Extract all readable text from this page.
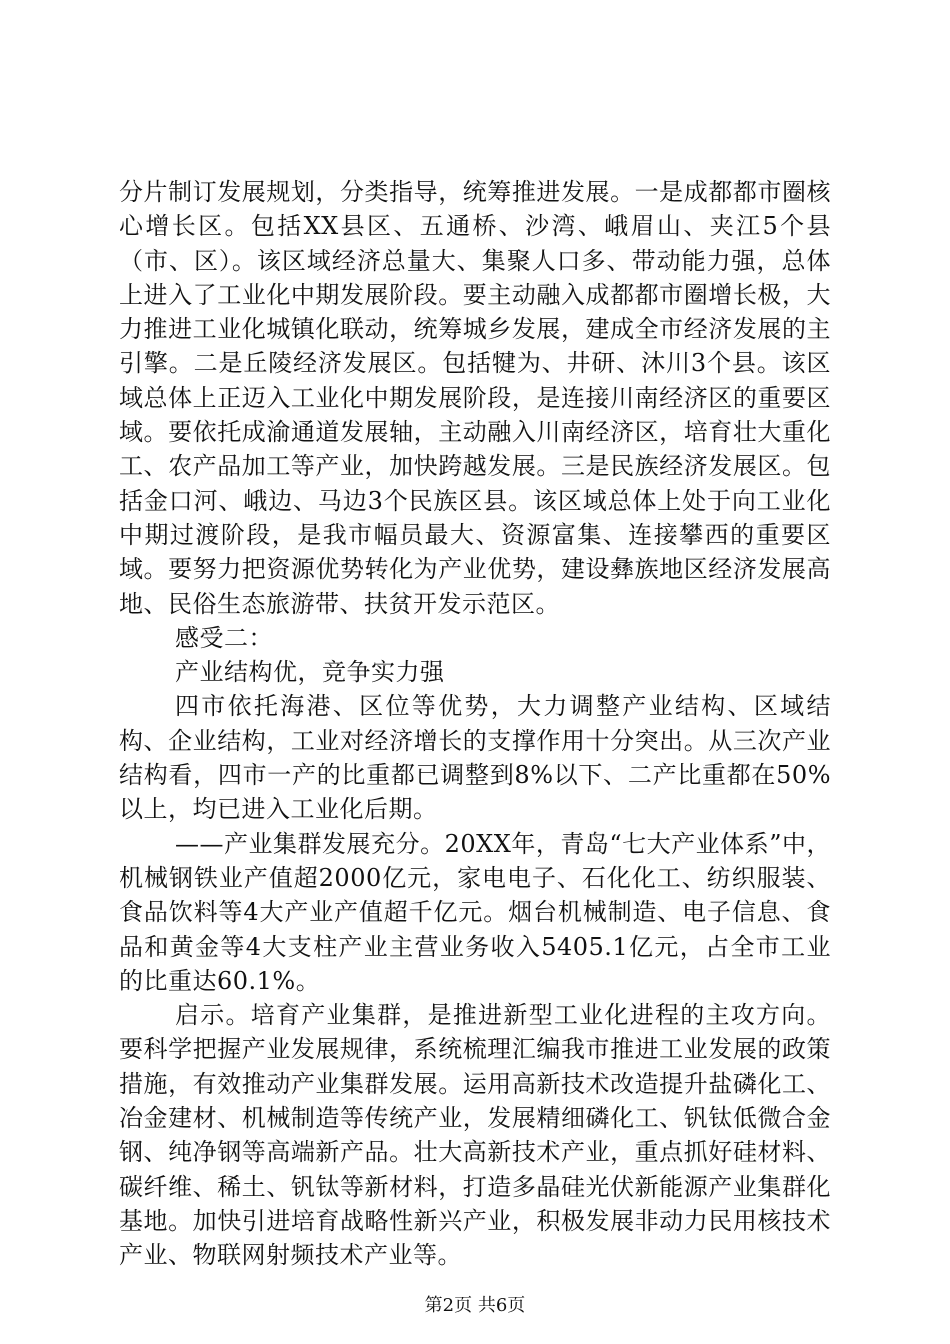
分片制订发展规划，分类指导，统筹推进发展。一是成都都市圈核心增长区。包括XX县区、五通桥、沙湾、峨眉山、夹江5个县（市、区）。该区域经济总量大、集聚人口多、带动能力强，总体上进入了工业化中期发展阶段。要主动融入成都都市圈增长极，大力推进工业化城镇化联动，统筹城乡发展，建成全市经济发展的主引擎。二是丘陵经济发展区。包括犍为、井研、沐川3个县。该区域总体上正迈入工业化中期发展阶段，是连接川南经济区的重要区域。要依托成渝通道发展轴，主动融入川南经济区，培育壮大重化工、农产品加工等产业，加快跨越发展。三是民族经济发展区。包括金口河、峨边、马边3个民族区县。该区域总体上处于向工业化中期过渡阶段，是我市幅员最大、资源富集、连接攀西的重要区域。要努力把资源优势转化为产业优势，建设彝族地区经济发展高地、民俗生态旅游带、扶贫开发示范区。

感受二：

产业结构优，竞争实力强

四市依托海港、区位等优势，大力调整产业结构、区域结构、企业结构，工业对经济增长的支撑作用十分突出。从三次产业结构看，四市一产的比重都已调整到8%以下、二产比重都在50%以上，均已进入工业化后期。

——产业集群发展充分。20XX年，青岛“七大产业体系”中，机械钢铁业产值超2000亿元，家电电子、石化化工、纺织服装、食品饮料等4大产业产值超千亿元。烟台机械制造、电子信息、食品和黄金等4大支柱产业主营业务收入5405.1亿元，占全市工业的比重达60.1%。

启示。培育产业集群，是推进新型工业化进程的主攻方向。要科学把握产业发展规律，系统梳理汇编我市推进工业发展的政策措施，有效推动产业集群发展。运用高新技术改造提升盐磷化工、冶金建材、机械制造等传统产业，发展精细磷化工、钒钛低微合金钢、纯净钢等高端新产品。壮大高新技术产业，重点抓好硅材料、碳纤维、稀土、钒钛等新材料，打造多晶硅光伏新能源产业集群化基地。加快引进培育战略性新兴产业，积极发展非动力民用核技术产业、物联网射频技术产业等。

第2页 共6页
